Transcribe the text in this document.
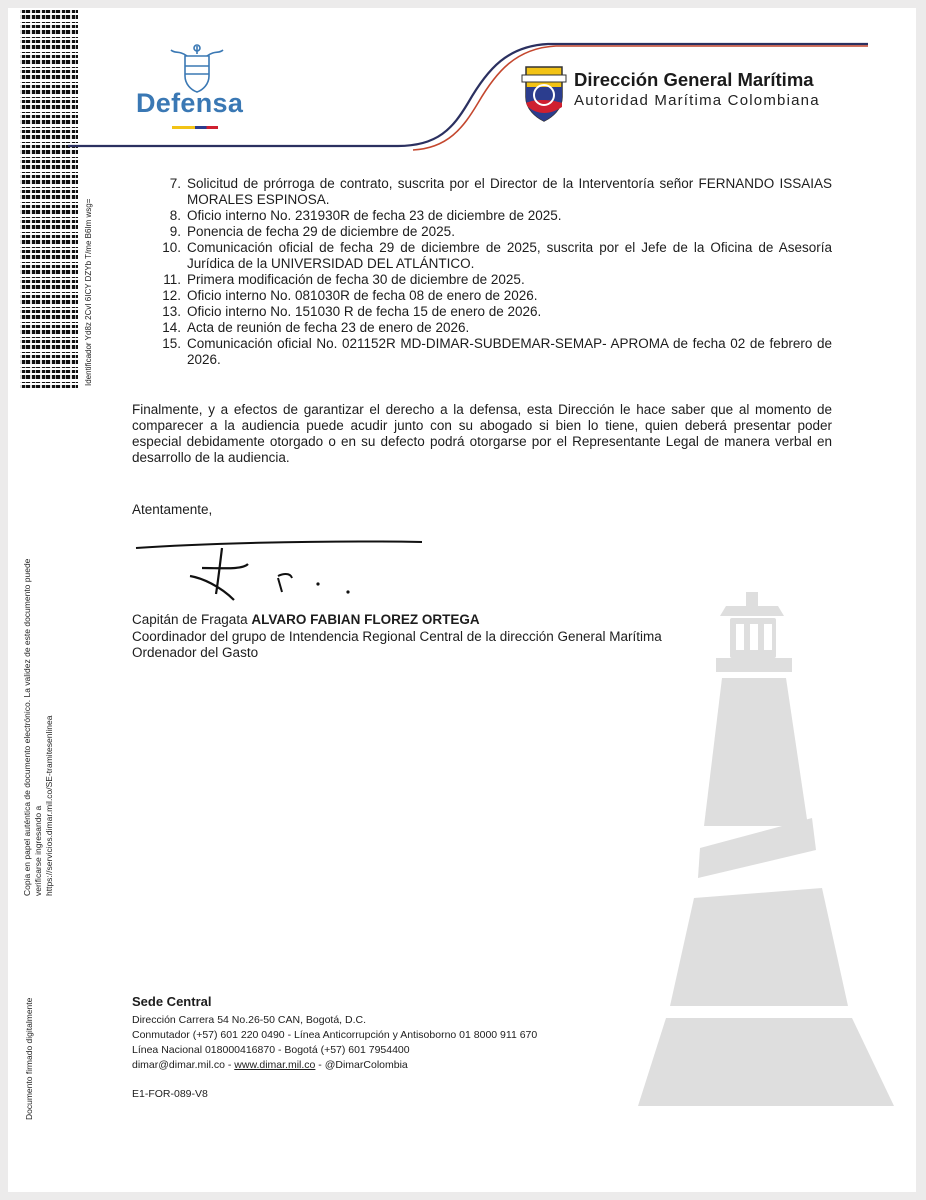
Identificador Yd8z 2CvI 6ICY DZYb T/me B6Im wsg=
Copia en papel auténtica de documento electrónico. La validez de este documento puede verificarse ingresando a https://servicios.dimar.mil.co/SE-tramitesenlinea
Documento firmado digitalmente
Defensa
Dirección General Marítima
Autoridad Marítima Colombiana
7. Solicitud de prórroga de contrato, suscrita por el Director de la Interventoría señor FERNANDO ISSAIAS MORALES ESPINOSA.
8. Oficio interno No. 231930R de fecha 23 de diciembre de 2025.
9. Ponencia de fecha 29 de diciembre de 2025.
10. Comunicación oficial de fecha 29 de diciembre de 2025, suscrita por el Jefe de la Oficina de Asesoría Jurídica de la UNIVERSIDAD DEL ATLÁNTICO.
11. Primera modificación de fecha 30 de diciembre de 2025.
12. Oficio interno No. 081030R de fecha 08 de enero de 2026.
13. Oficio interno No. 151030 R de fecha 15 de enero de 2026.
14. Acta de reunión de fecha 23 de enero de 2026.
15. Comunicación oficial No. 021152R MD-DIMAR-SUBDEMAR-SEMAP- APROMA de fecha 02 de febrero de 2026.
Finalmente, y a efectos de garantizar el derecho a la defensa, esta Dirección le hace saber que al momento de comparecer a la audiencia puede acudir junto con su abogado si bien lo tiene, quien deberá presentar poder especial debidamente otorgado o en su defecto podrá otorgarse por el Representante Legal de manera verbal en desarrollo de la audiencia.
Atentamente,
Capitán de Fragata ALVARO FABIAN FLOREZ ORTEGA
Coordinador del grupo de Intendencia Regional Central de la dirección General Marítima
Ordenador del Gasto
Sede Central
Dirección Carrera 54 No.26-50 CAN, Bogotá, D.C.
Conmutador (+57) 601 220 0490 - Línea Anticorrupción y Antisoborno 01 8000 911 670
Línea Nacional 018000416870 - Bogotá (+57) 601 7954400
dimar@dimar.mil.co - www.dimar.mil.co - @DimarColombia
E1-FOR-089-V8
